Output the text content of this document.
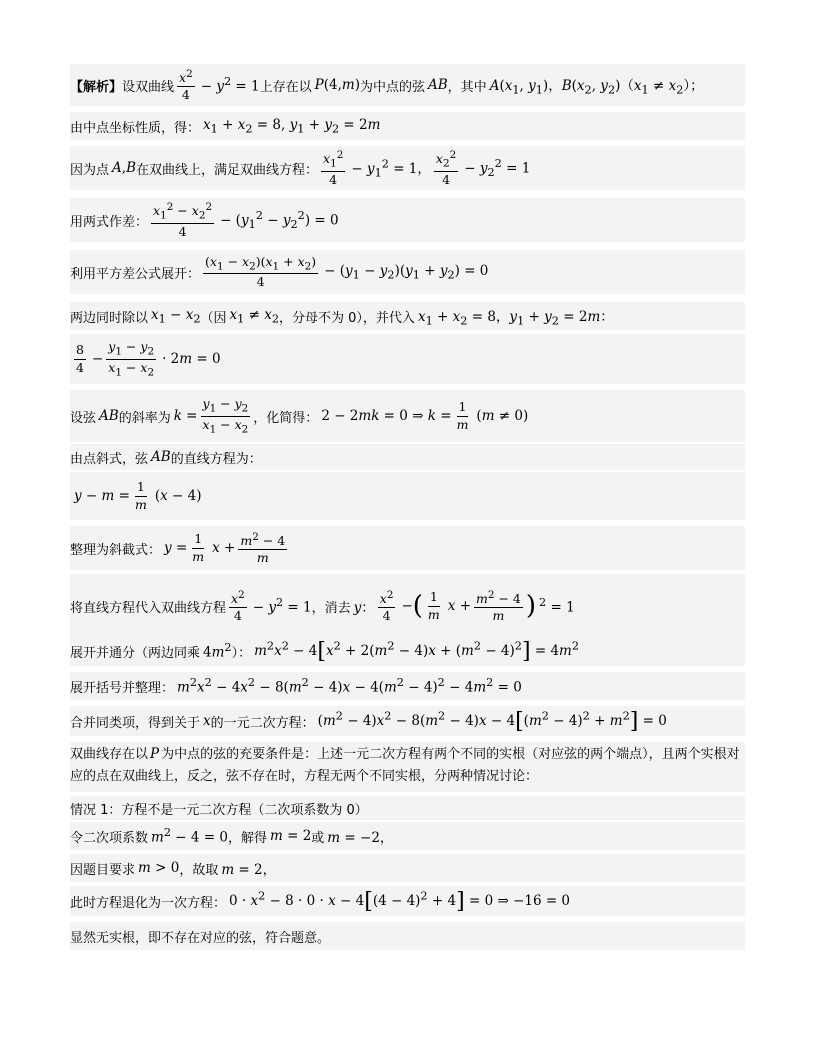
【解析】 设双曲线 $\frac{x^2}{4} - y^2 = 1$ 上存在以 P(4,m) 为中点的弦 AB ，其中 $A(x_1$, $y_1$)，$B(x_2$, $y_2)(x_1 \ne x_2)$；
由中点坐标性质，得： $x_1 + x_2 = 8$, $y_1 + y_2 = 2m$
因为点 A,B 在双曲线上，满足双曲线方程： $\frac{x_1^2}{4} - y_1^2 = 1$， $\frac{x_2^2}{4} - y_2^2 = 1$
用两式作差： $\frac{x_1^2 - x_2^2}{4} - (y_1^2 - y_2^2) = 0$
利用平方差公式展开： $\frac{(x_1 - x_2)(x_1 + x_2)}{4} - (y_1 - y_2)(y_1 + y_2) = 0$
两边同时除以 $x_1 - x_2$ （因 $x_1 \ne x_2$ ，分母不为 0），并代入 $x_1 + x_2 = 8$，$y_1 + y_2 = 2m$：
$\frac{8}{4} - \frac{y_1 - y_2}{x_1 - x_2} \cdot 2m = 0$
设弦 AB 的斜率为 $k = \frac{y_1 - y_2}{x_1 - x_2}$ ，化简得： 2 − 2mk = 0 ⇒ $k = \frac{1}{m} (m \ne 0)$
由点斜式，弦 AB 的直线方程为：
$y - m = \frac{1}{m} (x - 4)$
整理为斜截式： $y = \frac{1}{m}$ $x + \frac{m^2 - 4}{m}$
将直线方程代入双曲线方程 $\frac{x^2}{4} - y^2 = 1$ ，消去 y： $\frac{x^2}{4}$ − ( $\frac{1}{m}$ $x + \frac{m^2 - 4}{m}$ ) $^2$ = 1
展开并通分（两边同乘 $4m^2$ ）： $m^2x^2 - 4[x^2 + 2(m^2 - 4)x + (m^2 - 4)^2] = 4m^2$
展开括号并整理： $m^2x^2 - 4x^2 - 8(m^2 - 4)x - 4(m^2 - 4)^2 - 4m^2 = 0$
合并同类项，得到关于 x 的一元二次方程： $(m^2 - 4)x^2 - 8(m^2 - 4)x - 4[(m^2 - 4)^2 + m^2] = 0$
双曲线存在以 P 为中点的弦的充要条件是：上述一元二次方程有两个不同的实根（对应弦的两个端点），且两个实根对应的点在双曲线上，反之，弦不存在时，方程无两个不同实根，分两种情况讨论：
情况 1：方程不是一元二次方程（二次项系数为 0）
令二次项系数 $m^2 - 4 = 0$ ，解得 m = 2 或 m = −2，
因题目要求 m > 0 ，故取 m = 2，
此时方程退化为一次方程： $0 \cdot x^2 - 8 \cdot 0 \cdot x - 4[(4 - 4)^2 + 4] = 0$ ⇒ −16 = 0
显然无实根，即不存在对应的弦，符合题意。
